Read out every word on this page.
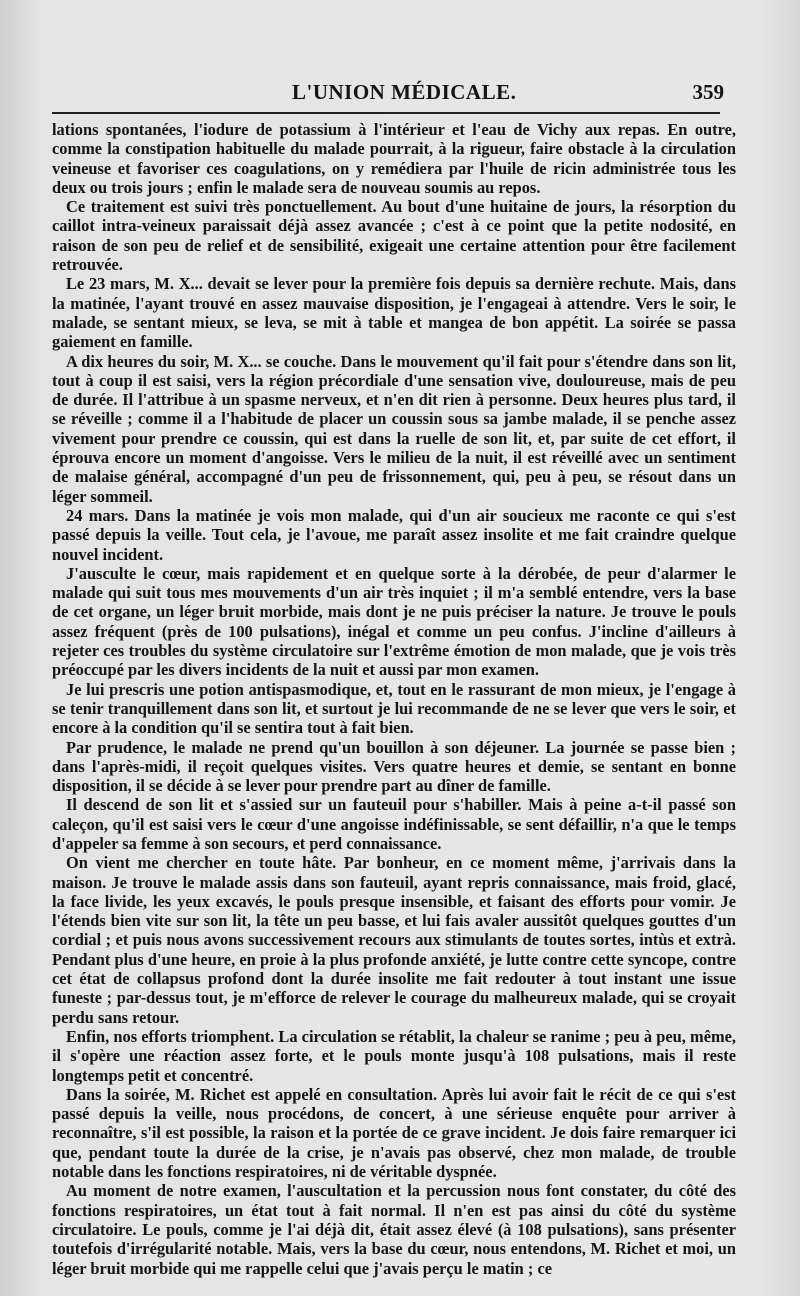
L'UNION MÉDICALE.	359

lations spontanées, l'iodure de potassium à l'intérieur et l'eau de Vichy aux repas. En outre, comme la constipation habituelle du malade pourrait, à la rigueur, faire obstacle à la circulation veineuse et favoriser ces coagulations, on y remédiera par l'huile de ricin administrée tous les deux ou trois jours ; enfin le malade sera de nouveau soumis au repos.

Ce traitement est suivi très ponctuellement. Au bout d'une huitaine de jours, la résorption du caillot intra-veineux paraissait déjà assez avancée ; c'est à ce point que la petite nodosité, en raison de son peu de relief et de sensibilité, exigeait une certaine attention pour être facilement retrouvée.

Le 23 mars, M. X... devait se lever pour la première fois depuis sa dernière rechute. Mais, dans la matinée, l'ayant trouvé en assez mauvaise disposition, je l'engageai à attendre. Vers le soir, le malade, se sentant mieux, se leva, se mit à table et mangea de bon appétit. La soirée se passa gaiement en famille.

A dix heures du soir, M. X... se couche. Dans le mouvement qu'il fait pour s'étendre dans son lit, tout à coup il est saisi, vers la région précordiale d'une sensation vive, douloureuse, mais de peu de durée. Il l'attribue à un spasme nerveux, et n'en dit rien à personne. Deux heures plus tard, il se réveille ; comme il a l'habitude de placer un coussin sous sa jambe malade, il se penche assez vivement pour prendre ce coussin, qui est dans la ruelle de son lit, et, par suite de cet effort, il éprouva encore un moment d'angoisse. Vers le milieu de la nuit, il est réveillé avec un sentiment de malaise général, accompagné d'un peu de frissonnement, qui, peu à peu, se résout dans un léger sommeil.

24 mars. Dans la matinée je vois mon malade, qui d'un air soucieux me raconte ce qui s'est passé depuis la veille. Tout cela, je l'avoue, me paraît assez insolite et me fait craindre quelque nouvel incident.

J'ausculte le cœur, mais rapidement et en quelque sorte à la dérobée, de peur d'alarmer le malade qui suit tous mes mouvements d'un air très inquiet ; il m'a semblé entendre, vers la base de cet organe, un léger bruit morbide, mais dont je ne puis préciser la nature. Je trouve le pouls assez fréquent (près de 100 pulsations), inégal et comme un peu confus. J'incline d'ailleurs à rejeter ces troubles du système circulatoire sur l'extrême émotion de mon malade, que je vois très préoccupé par les divers incidents de la nuit et aussi par mon examen.

Je lui prescris une potion antispasmodique, et, tout en le rassurant de mon mieux, je l'engage à se tenir tranquillement dans son lit, et surtout je lui recommande de ne se lever que vers le soir, et encore à la condition qu'il se sentira tout à fait bien.

Par prudence, le malade ne prend qu'un bouillon à son déjeuner. La journée se passe bien ; dans l'après-midi, il reçoit quelques visites. Vers quatre heures et demie, se sentant en bonne disposition, il se décide à se lever pour prendre part au dîner de famille.

Il descend de son lit et s'assied sur un fauteuil pour s'habiller. Mais à peine a-t-il passé son caleçon, qu'il est saisi vers le cœur d'une angoisse indéfinissable, se sent défaillir, n'a que le temps d'appeler sa femme à son secours, et perd connaissance.

On vient me chercher en toute hâte. Par bonheur, en ce moment même, j'arrivais dans la maison. Je trouve le malade assis dans son fauteuil, ayant repris connaissance, mais froid, glacé, la face livide, les yeux excavés, le pouls presque insensible, et faisant des efforts pour vomir. Je l'étends bien vite sur son lit, la tête un peu basse, et lui fais avaler aussitôt quelques gouttes d'un cordial ; et puis nous avons successivement recours aux stimulants de toutes sortes, intùs et extrà. Pendant plus d'une heure, en proie à la plus profonde anxiété, je lutte contre cette syncope, contre cet état de collapsus profond dont la durée insolite me fait redouter à tout instant une issue funeste ; par-dessus tout, je m'efforce de relever le courage du malheureux malade, qui se croyait perdu sans retour.

Enfin, nos efforts triomphent. La circulation se rétablit, la chaleur se ranime ; peu à peu, même, il s'opère une réaction assez forte, et le pouls monte jusqu'à 108 pulsations, mais il reste longtemps petit et concentré.

Dans la soirée, M. Richet est appelé en consultation. Après lui avoir fait le récit de ce qui s'est passé depuis la veille, nous procédons, de concert, à une sérieuse enquête pour arriver à reconnaître, s'il est possible, la raison et la portée de ce grave incident. Je dois faire remarquer ici que, pendant toute la durée de la crise, je n'avais pas observé, chez mon malade, de trouble notable dans les fonctions respiratoires, ni de véritable dyspnée.

Au moment de notre examen, l'auscultation et la percussion nous font constater, du côté des fonctions respiratoires, un état tout à fait normal. Il n'en est pas ainsi du côté du système circulatoire. Le pouls, comme je l'ai déjà dit, était assez élevé (à 108 pulsations), sans présenter toutefois d'irrégularité notable. Mais, vers la base du cœur, nous entendons, M. Richet et moi, un léger bruit morbide qui me rappelle celui que j'avais perçu le matin ; ce
